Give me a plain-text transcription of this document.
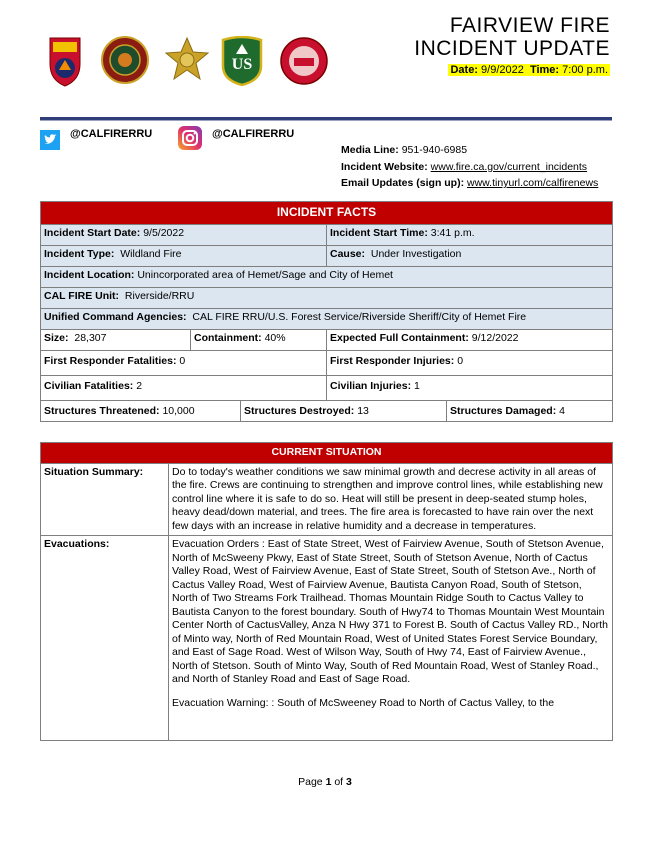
US
FAIRVIEW FIRE
INCIDENT UPDATE
Date: 9/9/2022 Time: 7:00 p.m.
@CALFIRERRU	@CALFIRERRU
Media Line: 951-940-6985
Incident Website: www.fire.ca.gov/current_incidents
Email Updates (sign up): www.tinyurl.com/calfirenews
INCIDENT FACTS		
Incident Start Date: 9/5/2022		Incident Start Time: 3:41 p.m.
Incident Type: Wildland Fire		Cause: Under Investigation
Incident Location: Unincorporated area of Hemet/Sage and City of Hemet		
CAL FIRE Unit: Riverside/RRU		
Unified Command Agencies: CAL FIRE RRU/U.S. Forest Service/Riverside Sheriff/City of Hemet Fire		
Size: 28,307	Containment: 40%	Expected Full Containment: 9/12/2022
First Responder Fatalities: 0		First Responder Injuries: 0
Civilian Fatalities: 2		Civilian Injuries: 1

Structures Threatened: 10,000 Structures Destroyed: 13 Structures Damaged: 4		
CURRENT SITUATION	
Situation Summary:	Do to today's weather conditions we saw minimal growth and decrese activity in all areas of the fire. Crews are continuing to strengthen and improve control lines, while establishing new control line where it is safe to do so. Heat will still be present in deep-seated stump holes, heavy dead/down material, and trees. The fire area is forecasted to have rain over the next few days with an increase in relative humidity and a decrease in temperatures.
Evacuations:	Evacuation Orders : East of State Street, West of Fairview Avenue, South of Stetson Avenue, North of McSweeny Pkwy, East of State Street, South of Stetson Avenue, North of Cactus Valley Road, West of Fairview Avenue, East of State Street, South of Stetson Ave., North of Cactus Valley Road, West of Fairview Avenue, Bautista Canyon Road, South of Stetson, North of Two Streams Fork Trailhead. Thomas Mountain Ridge South to Cactus Valley to Bautista Canyon to the forest boundary. South of Hwy74 to Thomas Mountain West Mountain Center North of CactusValley, Anza N Hwy 371 to Forest B. South of Cactus Valley RD., North of Minto way, North of Red Mountain Road, West of United States Forest Service Boundary, and East of Sage Road. West of Wilson Way, South of Hwy 74, East of Fairview Avenue., North of Stetson. South of Minto Way, South of Red Mountain Road, West of Stanley Road., and North of Stanley Road and East of Sage Road.
Evacuation Warning: : South of McSweeney Road to North of Cactus Valley, to the
Page 1 of 3
